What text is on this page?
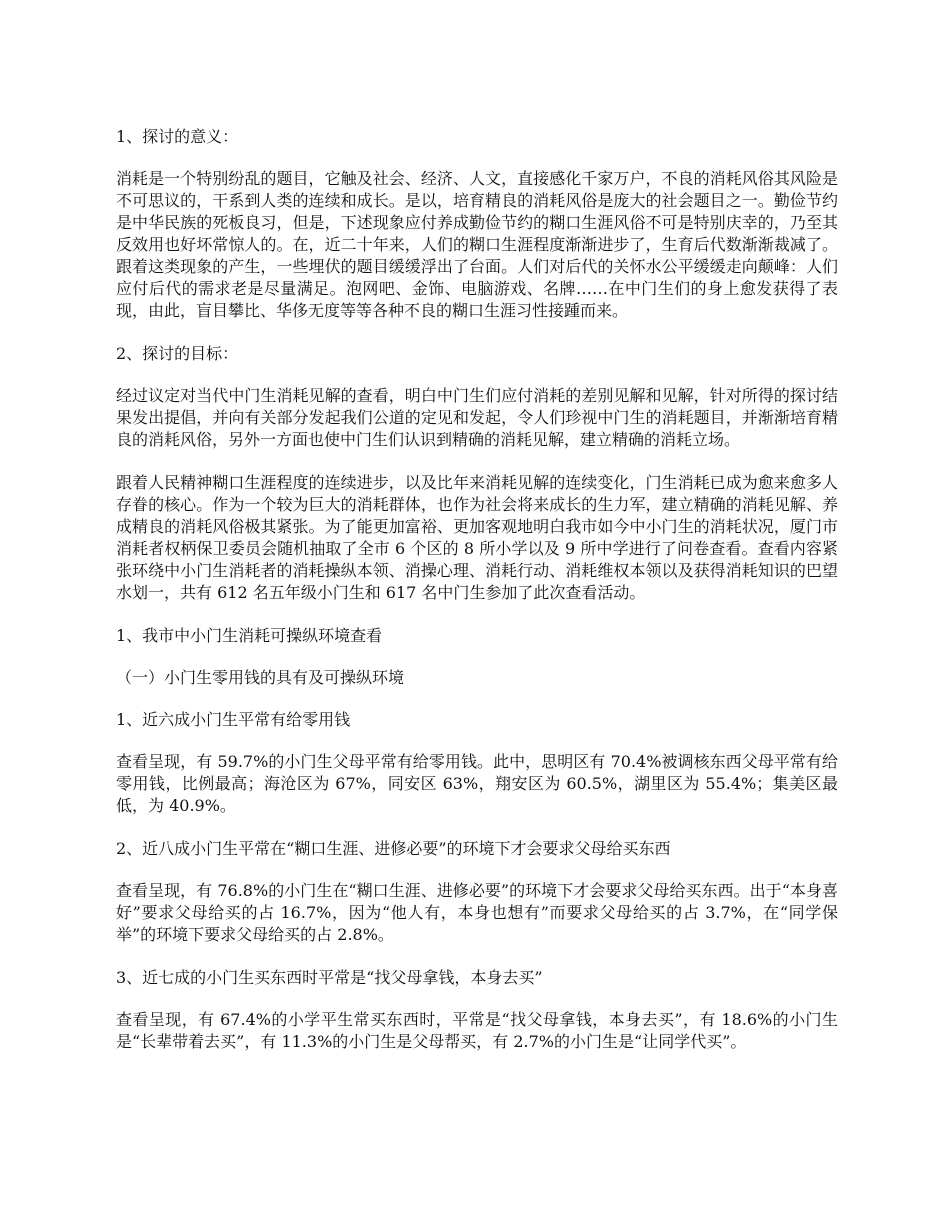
1、探讨的意义：

消耗是一个特别纷乱的题目，它触及社会、经济、人文，直接感化千家万户，不良的消耗风俗其风险是不可思议的，干系到人类的连续和成长。是以，培育精良的消耗风俗是庞大的社会题目之一。勤俭节约是中华民族的死板良习，但是，下述现象应付养成勤俭节约的糊口生涯风俗不可是特别庆幸的，乃至其反效用也好坏常惊人的。在，近二十年来，人们的糊口生涯程度渐渐进步了，生育后代数渐渐裁减了。跟着这类现象的产生，一些埋伏的题目缓缓浮出了台面。人们对后代的关怀水公平缓缓走向颠峰：人们应付后代的需求老是尽量满足。泡网吧、金饰、电脑游戏、名牌……在中门生们的身上愈发获得了表现，由此，盲目攀比、华侈无度等等各种不良的糊口生涯习性接踵而来。

2、探讨的目标：

经过议定对当代中门生消耗见解的查看，明白中门生们应付消耗的差别见解和见解，针对所得的探讨结果发出提倡，并向有关部分发起我们公道的定见和发起，令人们珍视中门生的消耗题目，并渐渐培育精良的消耗风俗，另外一方面也使中门生们认识到精确的消耗见解，建立精确的消耗立场。

跟着人民精神糊口生涯程度的连续进步，以及比年来消耗见解的连续变化，门生消耗已成为愈来愈多人存眷的核心。作为一个较为巨大的消耗群体，也作为社会将来成长的生力军，建立精确的消耗见解、养成精良的消耗风俗极其紧张。为了能更加富裕、更加客观地明白我市如今中小门生的消耗状况，厦门市消耗者权柄保卫委员会随机抽取了全市 6 个区的 8 所小学以及 9 所中学进行了问卷查看。查看内容紧张环绕中小门生消耗者的消耗操纵本领、消操心理、消耗行动、消耗维权本领以及获得消耗知识的巴望水划一，共有 612 名五年级小门生和 617 名中门生参加了此次查看活动。

1、我市中小门生消耗可操纵环境查看

（一）小门生零用钱的具有及可操纵环境

1、近六成小门生平常有给零用钱

查看呈现，有 59.7%的小门生父母平常有给零用钱。此中，思明区有 70.4%被调核东西父母平常有给零用钱，比例最高；海沧区为 67%，同安区 63%，翔安区为 60.5%，湖里区为 55.4%；集美区最低，为 40.9%。

2、近八成小门生平常在“糊口生涯、进修必要”的环境下才会要求父母给买东西

查看呈现，有 76.8%的小门生在“糊口生涯、进修必要”的环境下才会要求父母给买东西。出于“本身喜好”要求父母给买的占 16.7%，因为“他人有，本身也想有”而要求父母给买的占 3.7%，在“同学保举”的环境下要求父母给买的占 2.8%。

3、近七成的小门生买东西时平常是“找父母拿钱，本身去买”

查看呈现，有 67.4%的小学平生常买东西时，平常是“找父母拿钱，本身去买”，有 18.6%的小门生是“长辈带着去买”，有 11.3%的小门生是父母帮买，有 2.7%的小门生是“让同学代买”。
